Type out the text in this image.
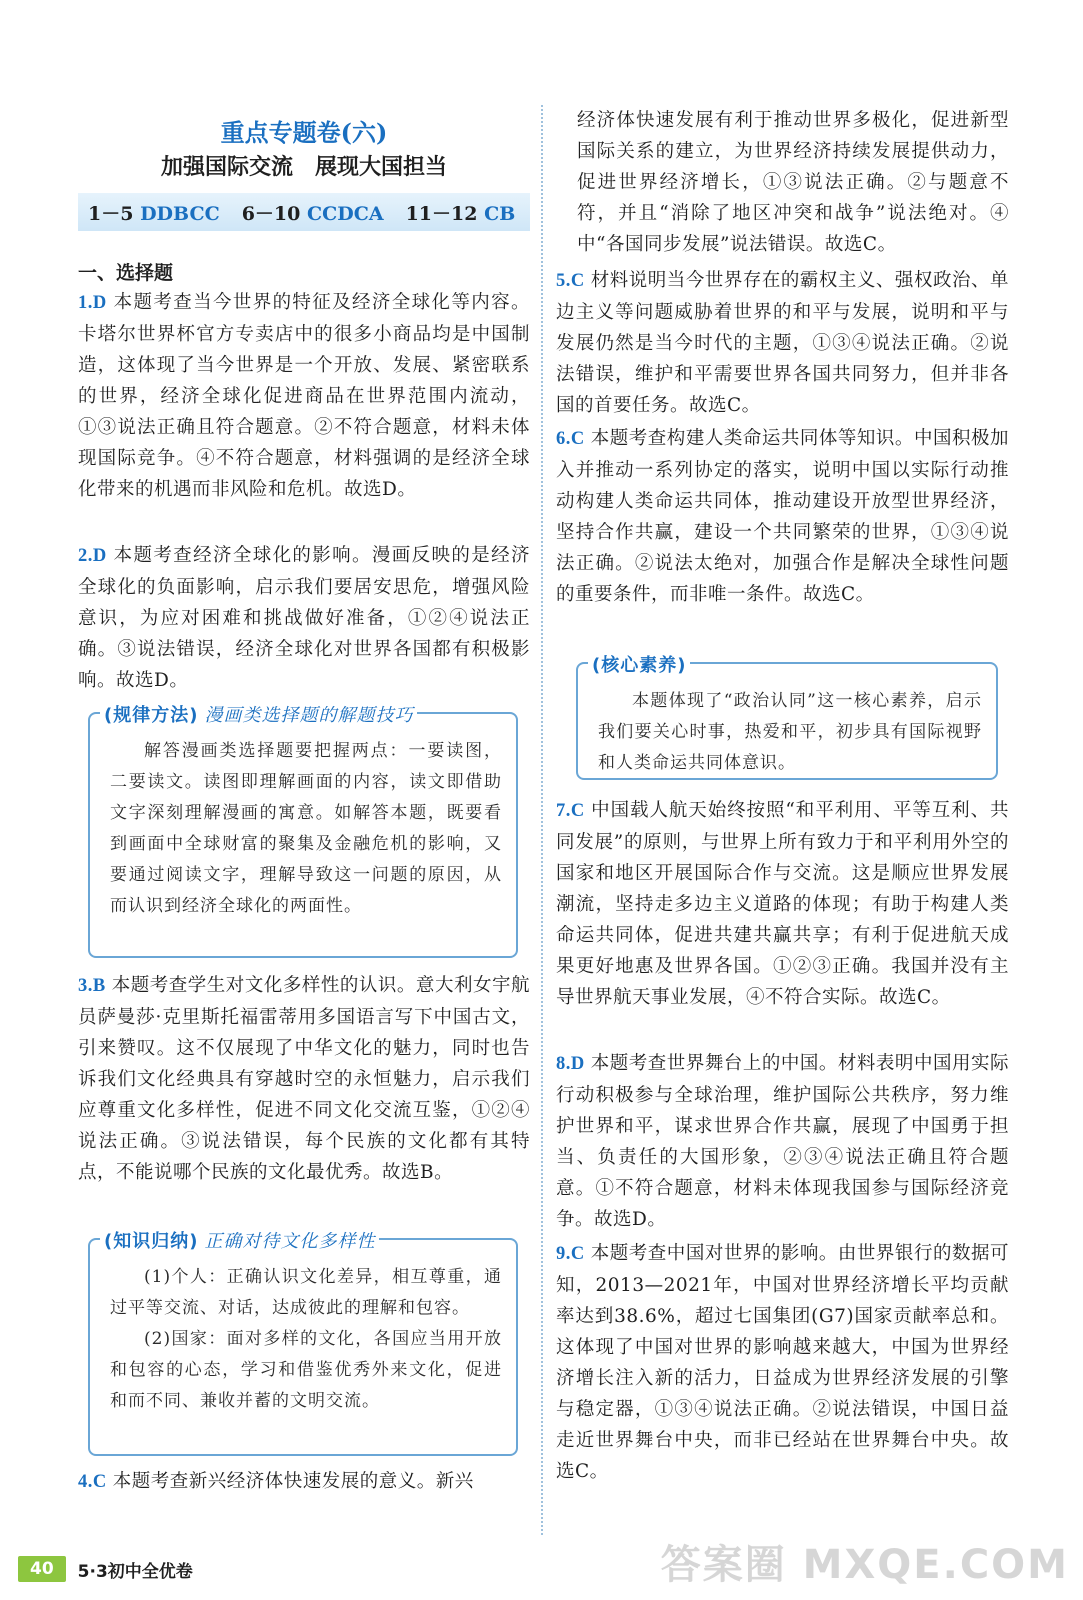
重点专题卷(六)
加强国际交流　展现大国担当
1－5 DDBCC 6－10 CCDCA 11－12 CB
一、选择题
1.D 本题考查当今世界的特征及经济全球化等内容。卡塔尔世界杯官方专卖店中的很多小商品均是中国制造，这体现了当今世界是一个开放、发展、紧密联系的世界，经济全球化促进商品在世界范围内流动，①③说法正确且符合题意。②不符合题意，材料未体现国际竞争。④不符合题意，材料强调的是经济全球化带来的机遇而非风险和危机。故选D。
2.D 本题考查经济全球化的影响。漫画反映的是经济全球化的负面影响，启示我们要居安思危，增强风险意识，为应对困难和挑战做好准备，①②④说法正确。③说法错误，经济全球化对世界各国都有积极影响。故选D。
(规律方法) 漫画类选择题的解题技巧

解答漫画类选择题要把握两点：一要读图，二要读文。读图即理解画面的内容，读文即借助文字深刻理解漫画的寓意。如解答本题，既要看到画面中全球财富的聚集及金融危机的影响，又要通过阅读文字，理解导致这一问题的原因，从而认识到经济全球化的两面性。

3.B 本题考查学生对文化多样性的认识。意大利女宇航员萨曼莎·克里斯托福雷蒂用多国语言写下中国古文，引来赞叹。这不仅展现了中华文化的魅力，同时也告诉我们文化经典具有穿越时空的永恒魅力，启示我们应尊重文化多样性，促进不同文化交流互鉴，①②④说法正确。③说法错误，每个民族的文化都有其特点，不能说哪个民族的文化最优秀。故选B。
(知识归纳) 正确对待文化多样性

(1)个人：正确认识文化差异，相互尊重，通过平等交流、对话，达成彼此的理解和包容。

(2)国家：面对多样的文化，各国应当用开放和包容的心态，学习和借鉴优秀外来文化，促进和而不同、兼收并蓄的文明交流。

4.C 本题考查新兴经济体快速发展的意义。新兴
经济体快速发展有利于推动世界多极化，促进新型国际关系的建立，为世界经济持续发展提供动力，促进世界经济增长，①③说法正确。②与题意不符，并且“消除了地区冲突和战争”说法绝对。④中“各国同步发展”说法错误。故选C。
5.C 材料说明当今世界存在的霸权主义、强权政治、单边主义等问题威胁着世界的和平与发展，说明和平与发展仍然是当今时代的主题，①③④说法正确。②说法错误，维护和平需要世界各国共同努力，但并非各国的首要任务。故选C。
6.C 本题考查构建人类命运共同体等知识。中国积极加入并推动一系列协定的落实，说明中国以实际行动推动构建人类命运共同体，推动建设开放型世界经济，坚持合作共赢，建设一个共同繁荣的世界，①③④说法正确。②说法太绝对，加强合作是解决全球性问题的重要条件，而非唯一条件。故选C。
(核心素养)

本题体现了“政治认同”这一核心素养，启示我们要关心时事，热爱和平，初步具有国际视野和人类命运共同体意识。

7.C 中国载人航天始终按照“和平利用、平等互利、共同发展”的原则，与世界上所有致力于和平利用外空的国家和地区开展国际合作与交流。这是顺应世界发展潮流，坚持走多边主义道路的体现；有助于构建人类命运共同体，促进共建共赢共享；有利于促进航天成果更好地惠及世界各国。①②③正确。我国并没有主导世界航天事业发展，④不符合实际。故选C。
8.D 本题考查世界舞台上的中国。材料表明中国用实际行动积极参与全球治理，维护国际公共秩序，努力维护世界和平，谋求世界合作共赢，展现了中国勇于担当、负责任的大国形象，②③④说法正确且符合题意。①不符合题意，材料未体现我国参与国际经济竞争。故选D。
9.C 本题考查中国对世界的影响。由世界银行的数据可知，2013—2021年，中国对世界经济增长平均贡献率达到38.6%，超过七国集团(G7)国家贡献率总和。这体现了中国对世界的影响越来越大，中国为世界经济增长注入新的活力，日益成为世界经济发展的引擎与稳定器，①③④说法正确。②说法错误，中国日益走近世界舞台中央，而非已经站在世界舞台中央。故选C。
40	5·3初中全优卷	答案圈 MXQE.COM
